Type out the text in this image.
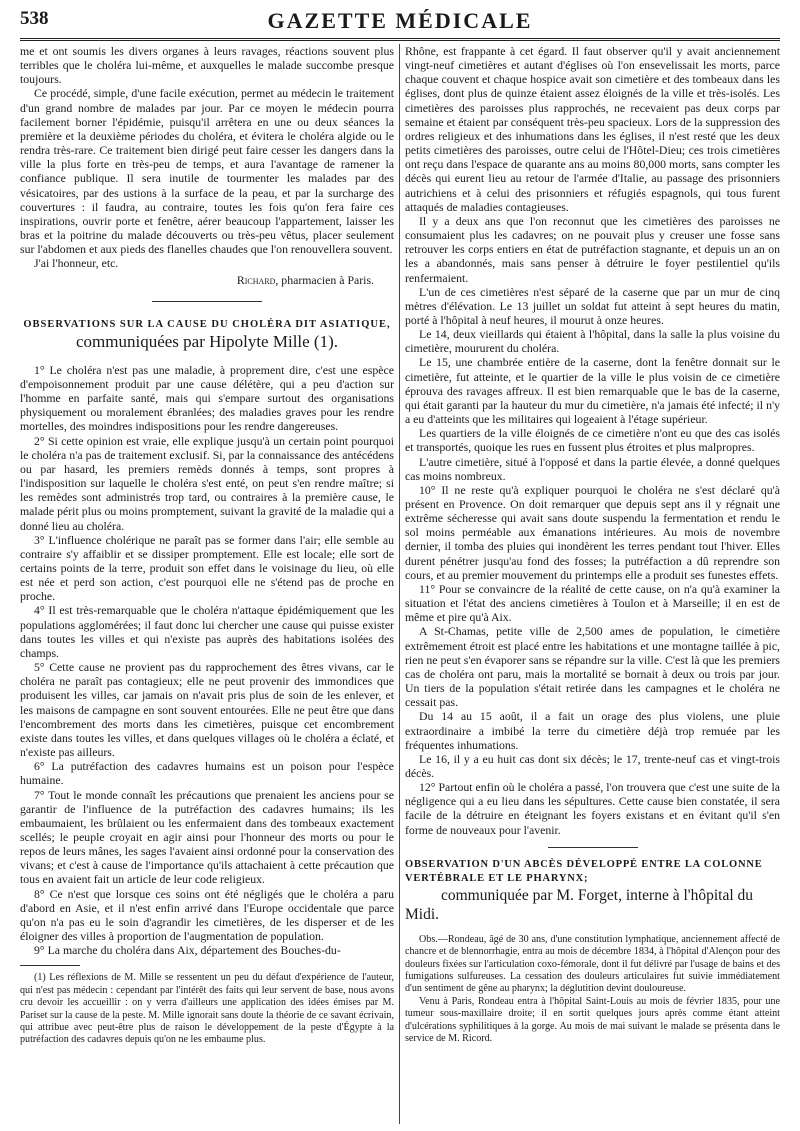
538	GAZETTE MÉDICALE

me et ont soumis les divers organes à leurs ravages, réactions souvent plus terribles que le choléra lui-même, et auxquelles le malade succombe presque toujours.

Ce procédé, simple, d'une facile exécution, permet au médecin le traitement d'un grand nombre de malades par jour. Par ce moyen le médecin pourra facilement borner l'épidémie, puisqu'il arrêtera en une ou deux séances la première et la deuxième périodes du choléra, et évitera le choléra algide ou le rendra très-rare. Ce traitement bien dirigé peut faire cesser les dangers dans la ville la plus forte en très-peu de temps, et aura l'avantage de ramener la confiance publique. Il sera inutile de tourmenter les malades par des vésicatoires, par des ustions à la surface de la peau, et par la surcharge des couvertures : il faudra, au contraire, toutes les fois qu'on fera faire ces inspirations, ouvrir porte et fenêtre, aérer beaucoup l'appartement, laisser les bras et la poitrine du malade découverts ou très-peu vêtus, placer seulement sur l'abdomen et aux pieds des flanelles chaudes que l'on renouvellera souvent.

J'ai l'honneur, etc.

Richard, pharmacien à Paris.
OBSERVATIONS SUR LA CAUSE DU CHOLÉRA DIT ASIATIQUE,
communiquées par Hipolyte Mille (1).

1° Le choléra n'est pas une maladie, à proprement dire, c'est une espèce d'empoisonnement produit par une cause délétère, qui a peu d'action sur l'homme en parfaite santé, mais qui s'empare surtout des organisations physiquement ou moralement ébranlées; des maladies graves pour les rendre mortelles, des moindres indispositions pour les rendre dangereuses.

2° Si cette opinion est vraie, elle explique jusqu'à un certain point pourquoi le choléra n'a pas de traitement exclusif. Si, par la connaissance des antécédens ou par hasard, les premiers remèds donnés à temps, sont propres à l'indisposition sur laquelle le choléra s'est enté, on peut s'en rendre maître; si les remèdes sont administrés trop tard, ou contraires à la première cause, le malade périt plus ou moins promptement, suivant la gravité de la maladie qui a donné lieu au choléra.

3° L'influence cholérique ne paraît pas se former dans l'air; elle semble au contraire s'y affaiblir et se dissiper promptement. Elle est locale; elle sort de certains points de la terre, produit son effet dans le voisinage du lieu, où elle est née et perd son action, c'est pourquoi elle ne s'étend pas de proche en proche.

4° Il est très-remarquable que le choléra n'attaque épidémiquement que les populations agglomérées; il faut donc lui chercher une cause qui puisse exister dans toutes les villes et qui n'existe pas auprès des habitations isolées des champs.

5° Cette cause ne provient pas du rapprochement des êtres vivans, car le choléra ne paraît pas contagieux; elle ne peut provenir des immondices que produisent les villes, car jamais on n'avait pris plus de soin de les enlever, et les maisons de campagne en sont souvent entourées. Elle ne peut être que dans l'encombrement des morts dans les cimetières, puisque cet encombrement existe dans toutes les villes, et dans quelques villages où le choléra a éclaté, et n'existe pas ailleurs.

6° La putréfaction des cadavres humains est un poison pour l'espèce humaine.

7° Tout le monde connaît les précautions que prenaient les anciens pour se garantir de l'influence de la putréfaction des cadavres humains; ils les embaumaient, les brûlaient ou les enfermaient dans des tombeaux exactement scellés; le peuple croyait en agir ainsi pour l'honneur des morts ou pour le repos de leurs mânes, les sages l'avaient ainsi ordonné pour la conservation des vivans; et c'est à cause de l'importance qu'ils attachaient à cette précaution que tous en avaient fait un article de leur code religieux.

8° Ce n'est que lorsque ces soins ont été négligés que le choléra a paru d'abord en Asie, et il n'est enfin arrivé dans l'Europe occidentale que parce qu'on n'a pas eu le soin d'agrandir les cimetières, de les disperser et de les éloigner des villes à proportion de l'augmentation de population.

9° La marche du choléra dans Aix, département des Bouches-du-

(1) Les réflexions de M. Mille se ressentent un peu du défaut d'expérience de l'auteur, qui n'est pas médecin : cependant par l'intérêt des faits qui leur servent de base, nous avons cru devoir les accueillir : on y verra d'ailleurs une application des idées émises par M. Pariset sur la cause de la peste. M. Mille ignorait sans doute la théorie de ce savant écrivain, qui attribue avec peut-être plus de raison le développement de la peste d'Égypte à la putréfaction des cadavres depuis qu'on ne les embaume plus.

Rhône, est frappante à cet égard. Il faut observer qu'il y avait anciennement vingt-neuf cimetières et autant d'églises où l'on ensevelissait les morts, parce chaque couvent et chaque hospice avait son cimetière et des tombeaux dans les églises, dont plus de quinze étaient assez éloignés de la ville et très-isolés. Les cimetières des paroisses plus rapprochés, ne recevaient pas deux corps par semaine et étaient par conséquent très-peu spacieux. Lors de la suppression des ordres religieux et des inhumations dans les églises, il n'est resté que les deux petits cimetières des paroisses, outre celui de l'Hôtel-Dieu; ces trois cimetières ont reçu dans l'espace de quarante ans au moins 80,000 morts, sans compter les décès qui eurent lieu au retour de l'armée d'Italie, au passage des prisonniers autrichiens et à celui des prisonniers et réfugiés espagnols, qui tous furent attaqués de maladies contagieuses.

Il y a deux ans que l'on reconnut que les cimetières des paroisses ne consumaient plus les cadavres; on ne pouvait plus y creuser une fosse sans retrouver les corps entiers en état de putréfaction stagnante, et depuis un an on les a abandonnés, mais sans penser à détruire le foyer pestilentiel qu'ils renfermaient.

L'un de ces cimetières n'est séparé de la caserne que par un mur de cinq mètres d'élévation. Le 13 juillet un soldat fut atteint à sept heures du matin, porté à l'hôpital à neuf heures, il mourut à onze heures.

Le 14, deux vieillards qui étaient à l'hôpital, dans la salle la plus voisine du cimetière, moururent du choléra.

Le 15, une chambrée entière de la caserne, dont la fenêtre donnait sur le cimetière, fut atteinte, et le quartier de la ville le plus voisin de ce cimetière éprouva des ravages affreux. Il est bien remarquable que le bas de la caserne, qui était garanti par la hauteur du mur du cimetière, n'a jamais été infecté; il n'y a eu d'atteints que les militaires qui logeaient à l'étage supérieur.

Les quartiers de la ville éloignés de ce cimetière n'ont eu que des cas isolés et transportés, quoique les rues en fussent plus étroites et plus malpropres.

L'autre cimetière, situé à l'opposé et dans la partie élevée, a donné quelques cas moins nombreux.

10° Il ne reste qu'à expliquer pourquoi le choléra ne s'est déclaré qu'à présent en Provence. On doit remarquer que depuis sept ans il y régnait une extrême sécheresse qui avait sans doute suspendu la fermentation et rendu le sol moins perméable aux émanations intérieures. Au mois de novembre dernier, il tomba des pluies qui inondèrent les terres pendant tout l'hiver. Elles durent pénétrer jusqu'au fond des fosses; la putréfaction a dû reprendre son cours, et au premier mouvement du printemps elle a produit ses funestes effets.

11° Pour se convaincre de la réalité de cette cause, on n'a qu'à examiner la situation et l'état des anciens cimetières à Toulon et à Marseille; il en est de même et pire qu'à Aix.

A St-Chamas, petite ville de 2,500 ames de population, le cimetière extrêmement étroit est placé entre les habitations et une montagne taillée à pic, rien ne peut s'en évaporer sans se répandre sur la ville. C'est là que les premiers cas de choléra ont paru, mais la mortalité se bornait à deux ou trois par jour. Un tiers de la population s'était retirée dans les campagnes et le choléra ne cessait pas.

Du 14 au 15 août, il a fait un orage des plus violens, une pluie extraordinaire a imbibé la terre du cimetière déjà trop remuée par les fréquentes inhumations.

Le 16, il y a eu huit cas dont six décès; le 17, trente-neuf cas et vingt-trois décès.

12° Partout enfin où le choléra a passé, l'on trouvera que c'est une suite de la négligence qui a eu lieu dans les sépultures. Cette cause bien constatée, il sera facile de la détruire en éteignant les foyers existans et en évitant qu'il s'en forme de nouveaux pour l'avenir.

OBSERVATION D'UN ABCÈS DÉVELOPPÉ ENTRE LA COLONNE VERTÉBRALE ET LE PHARYNX;
communiquée par M. Forget, interne à l'hôpital du Midi.

Obs.—Rondeau, âgé de 30 ans, d'une constitution lymphatique, anciennement affecté de chancre et de blennorrhagie, entra au mois de décembre 1834, à l'hôpital d'Alençon pour des douleurs fixées sur l'articulation coxo-fémorale, dont il fut délivré par l'usage de bains et des fumigations sulfureuses. La cessation des douleurs articulaires fut suivie immédiatement d'un sentiment de gêne au pharynx; la déglutition devint douloureuse.

Venu à Paris, Rondeau entra à l'hôpital Saint-Louis au mois de février 1835, pour une tumeur sous-maxillaire droite; il en sortit quelques jours après comme étant atteint d'ulcérations syphilitiques à la gorge. Au mois de mai suivant le malade se présenta dans le service de M. Ricord.
